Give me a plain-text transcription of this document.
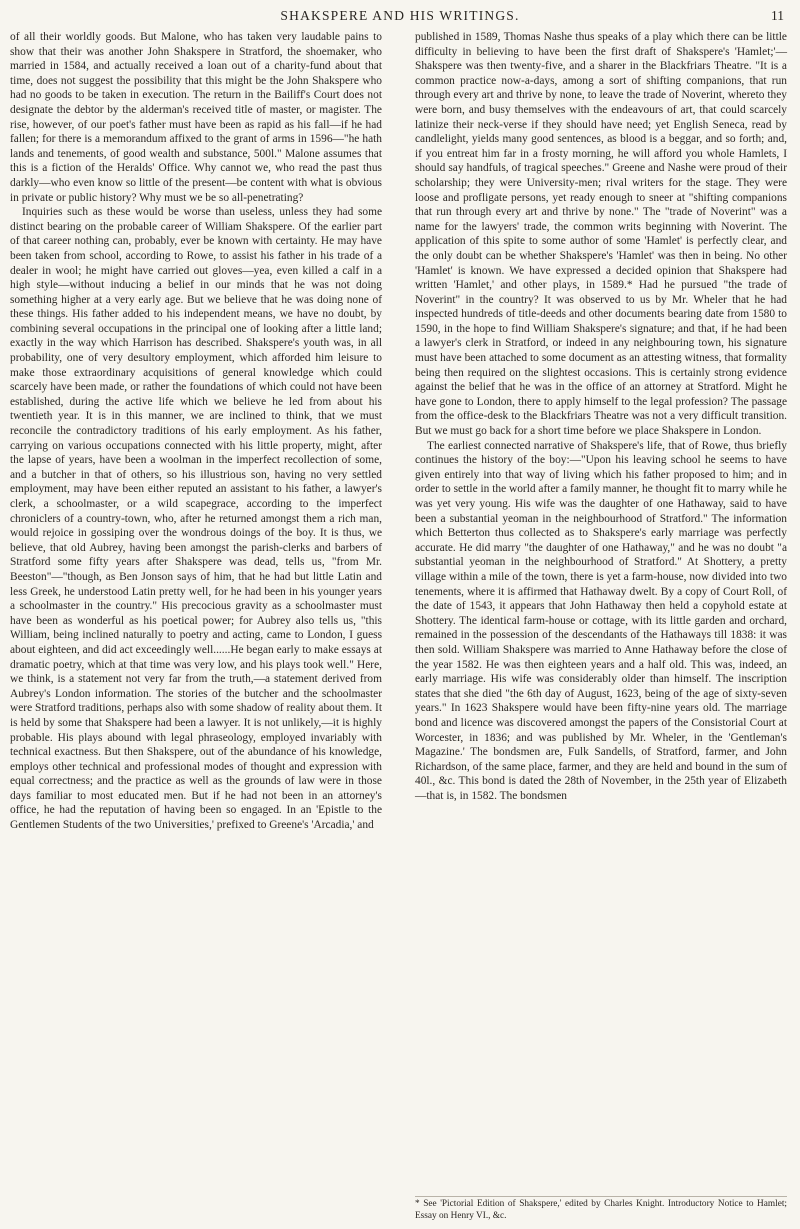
SHAKSPERE AND HIS WRITINGS.	11

of all their worldly goods. But Malone, who has taken very laudable pains to show that their was another John Shakspere in Stratford, the shoemaker, who married in 1584, and actually received a loan out of a charity-fund about that time, does not suggest the possibility that this might be the John Shakspere who had no goods to be taken in execution. The return in the Bailiff's Court does not designate the debtor by the alderman's received title of master, or magister. The rise, however, of our poet's father must have been as rapid as his fall—if he had fallen; for there is a memorandum affixed to the grant of arms in 1596—"he hath lands and tenements, of good wealth and substance, 500l." Malone assumes that this is a fiction of the Heralds' Office. Why cannot we, who read the past thus darkly—who even know so little of the present—be content with what is obvious in private or public history? Why must we be so all-penetrating?

Inquiries such as these would be worse than useless, unless they had some distinct bearing on the probable career of William Shakspere. Of the earlier part of that career nothing can, probably, ever be known with certainty. He may have been taken from school, according to Rowe, to assist his father in his trade of a dealer in wool; he might have carried out gloves—yea, even killed a calf in a high style—without inducing a belief in our minds that he was not doing something higher at a very early age. But we believe that he was doing none of these things. His father added to his independent means, we have no doubt, by combining several occupations in the principal one of looking after a little land; exactly in the way which Harrison has described. Shakspere's youth was, in all probability, one of very desultory employment, which afforded him leisure to make those extraordinary acquisitions of general knowledge which could scarcely have been made, or rather the foundations of which could not have been established, during the active life which we believe he led from about his twentieth year. It is in this manner, we are inclined to think, that we must reconcile the contradictory traditions of his early employment. As his father, carrying on various occupations connected with his little property, might, after the lapse of years, have been a woolman in the imperfect recollection of some, and a butcher in that of others, so his illustrious son, having no very settled employment, may have been either reputed an assistant to his father, a lawyer's clerk, a schoolmaster, or a wild scapegrace, according to the imperfect chroniclers of a country-town, who, after he returned amongst them a rich man, would rejoice in gossiping over the wondrous doings of the boy. It is thus, we believe, that old Aubrey, having been amongst the parish-clerks and barbers of Stratford some fifty years after Shakspere was dead, tells us, "from Mr. Beeston"—"though, as Ben Jonson says of him, that he had but little Latin and less Greek, he understood Latin pretty well, for he had been in his younger years a schoolmaster in the country." His precocious gravity as a schoolmaster must have been as wonderful as his poetical power; for Aubrey also tells us, "this William, being inclined naturally to poetry and acting, came to London, I guess about eighteen, and did act exceedingly well......He began early to make essays at dramatic poetry, which at that time was very low, and his plays took well." Here, we think, is a statement not very far from the truth,—a statement derived from Aubrey's London information. The stories of the butcher and the schoolmaster were Stratford traditions, perhaps also with some shadow of reality about them. It is held by some that Shakspere had been a lawyer. It is not unlikely,—it is highly probable. His plays abound with legal phraseology, employed invariably with technical exactness. But then Shakspere, out of the abundance of his knowledge, employs other technical and professional modes of thought and expression with equal correctness; and the practice as well as the grounds of law were in those days familiar to most educated men. But if he had not been in an attorney's office, he had the reputation of having been so engaged. In an 'Epistle to the Gentlemen Students of the two Universities,' prefixed to Greene's 'Arcadia,' and

published in 1589, Thomas Nashe thus speaks of a play which there can be little difficulty in believing to have been the first draft of Shakspere's 'Hamlet;'—Shakspere was then twenty-five, and a sharer in the Blackfriars Theatre. "It is a common practice now-a-days, among a sort of shifting companions, that run through every art and thrive by none, to leave the trade of Noverint, whereto they were born, and busy themselves with the endeavours of art, that could scarcely latinize their neck-verse if they should have need; yet English Seneca, read by candlelight, yields many good sentences, as blood is a beggar, and so forth; and, if you entreat him far in a frosty morning, he will afford you whole Hamlets, I should say handfuls, of tragical speeches." Greene and Nashe were proud of their scholarship; they were University-men; rival writers for the stage. They were loose and profligate persons, yet ready enough to sneer at "shifting companions that run through every art and thrive by none." The "trade of Noverint" was a name for the lawyers' trade, the common writs beginning with Noverint. The application of this spite to some author of some 'Hamlet' is perfectly clear, and the only doubt can be whether Shakspere's 'Hamlet' was then in being. No other 'Hamlet' is known. We have expressed a decided opinion that Shakspere had written 'Hamlet,' and other plays, in 1589.* Had he pursued "the trade of Noverint" in the country? It was observed to us by Mr. Wheler that he had inspected hundreds of title-deeds and other documents bearing date from 1580 to 1590, in the hope to find William Shakspere's signature; and that, if he had been a lawyer's clerk in Stratford, or indeed in any neighbouring town, his signature must have been attached to some document as an attesting witness, that formality being then required on the slightest occasions. This is certainly strong evidence against the belief that he was in the office of an attorney at Stratford. Might he have gone to London, there to apply himself to the legal profession? The passage from the office-desk to the Blackfriars Theatre was not a very difficult transition. But we must go back for a short time before we place Shakspere in London.

The earliest connected narrative of Shakspere's life, that of Rowe, thus briefly continues the history of the boy:—"Upon his leaving school he seems to have given entirely into that way of living which his father proposed to him; and in order to settle in the world after a family manner, he thought fit to marry while he was yet very young. His wife was the daughter of one Hathaway, said to have been a substantial yeoman in the neighbourhood of Stratford." The information which Betterton thus collected as to Shakspere's early marriage was perfectly accurate. He did marry "the daughter of one Hathaway," and he was no doubt "a substantial yeoman in the neighbourhood of Stratford." At Shottery, a pretty village within a mile of the town, there is yet a farm-house, now divided into two tenements, where it is affirmed that Hathaway dwelt. By a copy of Court Roll, of the date of 1543, it appears that John Hathaway then held a copyhold estate at Shottery. The identical farm-house or cottage, with its little garden and orchard, remained in the possession of the descendants of the Hathaways till 1838: it was then sold. William Shakspere was married to Anne Hathaway before the close of the year 1582. He was then eighteen years and a half old. This was, indeed, an early marriage. His wife was considerably older than himself. The inscription states that she died "the 6th day of August, 1623, being of the age of sixty-seven years." In 1623 Shakspere would have been fifty-nine years old. The marriage bond and licence was discovered amongst the papers of the Consistorial Court at Worcester, in 1836; and was published by Mr. Wheler, in the 'Gentleman's Magazine.' The bondsmen are, Fulk Sandells, of Stratford, farmer, and John Richardson, of the same place, farmer, and they are held and bound in the sum of 40l., &c. This bond is dated the 28th of November, in the 25th year of Elizabeth—that is, in 1582. The bondsmen

* See 'Pictorial Edition of Shakspere,' edited by Charles Knight. Introductory Notice to Hamlet; Essay on Henry VI., &c.
